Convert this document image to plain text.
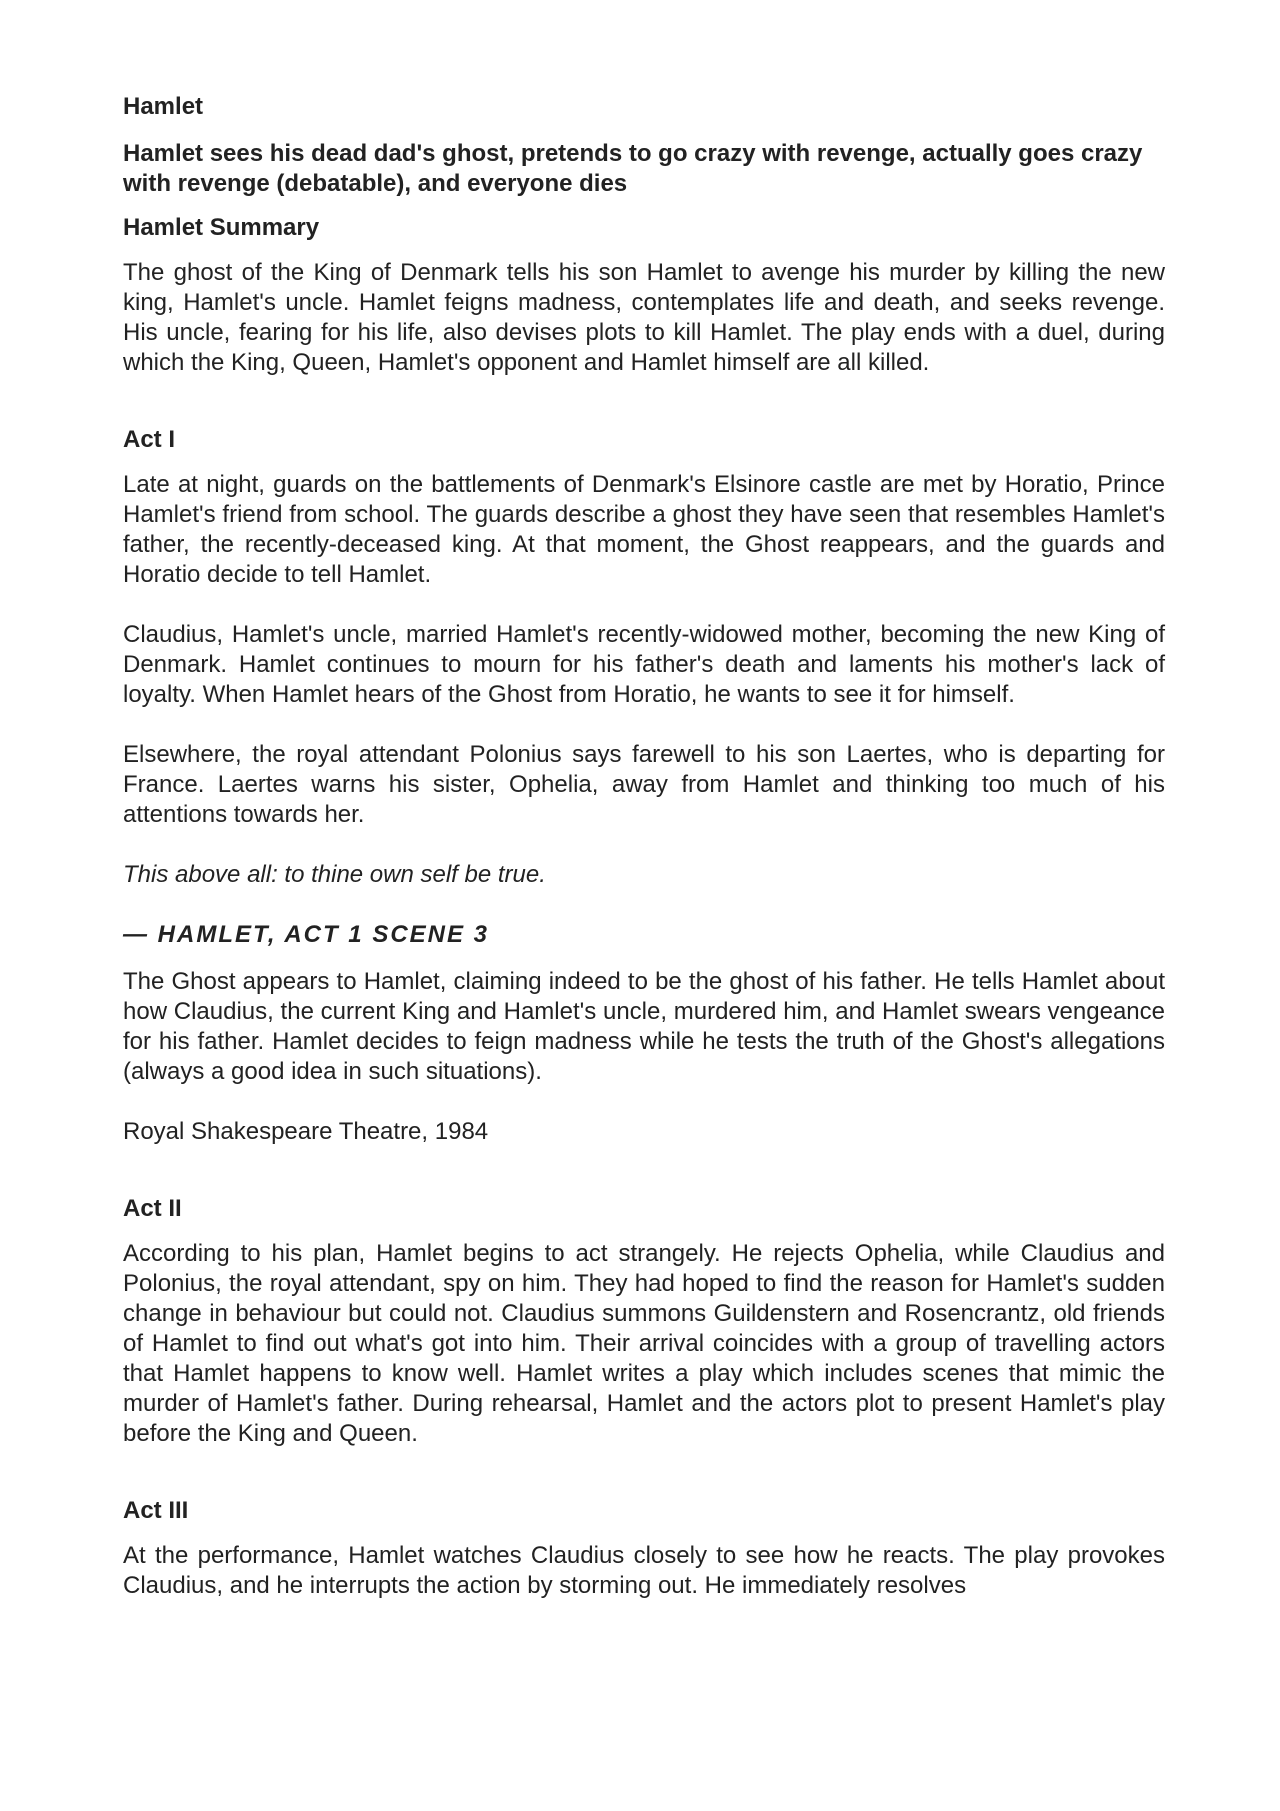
Hamlet
Hamlet sees his dead dad's ghost, pretends to go crazy with revenge, actually goes crazy with revenge (debatable), and everyone dies
Hamlet Summary
The ghost of the King of Denmark tells his son Hamlet to avenge his murder by killing the new king, Hamlet's uncle. Hamlet feigns madness, contemplates life and death, and seeks revenge. His uncle, fearing for his life, also devises plots to kill Hamlet. The play ends with a duel, during which the King, Queen, Hamlet's opponent and Hamlet himself are all killed.
Act I
Late at night, guards on the battlements of Denmark's Elsinore castle are met by Horatio, Prince Hamlet's friend from school. The guards describe a ghost they have seen that resembles Hamlet's father, the recently-deceased king. At that moment, the Ghost reappears, and the guards and Horatio decide to tell Hamlet.
Claudius, Hamlet's uncle, married Hamlet's recently-widowed mother, becoming the new King of Denmark. Hamlet continues to mourn for his father's death and laments his mother's lack of loyalty. When Hamlet hears of the Ghost from Horatio, he wants to see it for himself.
Elsewhere, the royal attendant Polonius says farewell to his son Laertes, who is departing for France. Laertes warns his sister, Ophelia, away from Hamlet and thinking too much of his attentions towards her.
This above all: to thine own self be true.
— HAMLET, ACT 1 SCENE 3
The Ghost appears to Hamlet, claiming indeed to be the ghost of his father. He tells Hamlet about how Claudius, the current King and Hamlet's uncle, murdered him, and Hamlet swears vengeance for his father. Hamlet decides to feign madness while he tests the truth of the Ghost's allegations (always a good idea in such situations).
Royal Shakespeare Theatre, 1984
Act II
According to his plan, Hamlet begins to act strangely. He rejects Ophelia, while Claudius and Polonius, the royal attendant, spy on him. They had hoped to find the reason for Hamlet's sudden change in behaviour but could not. Claudius summons Guildenstern and Rosencrantz, old friends of Hamlet to find out what's got into him. Their arrival coincides with a group of travelling actors that Hamlet happens to know well. Hamlet writes a play which includes scenes that mimic the murder of Hamlet's father. During rehearsal, Hamlet and the actors plot to present Hamlet's play before the King and Queen.
Act III
At the performance, Hamlet watches Claudius closely to see how he reacts. The play provokes Claudius, and he interrupts the action by storming out. He immediately resolves
